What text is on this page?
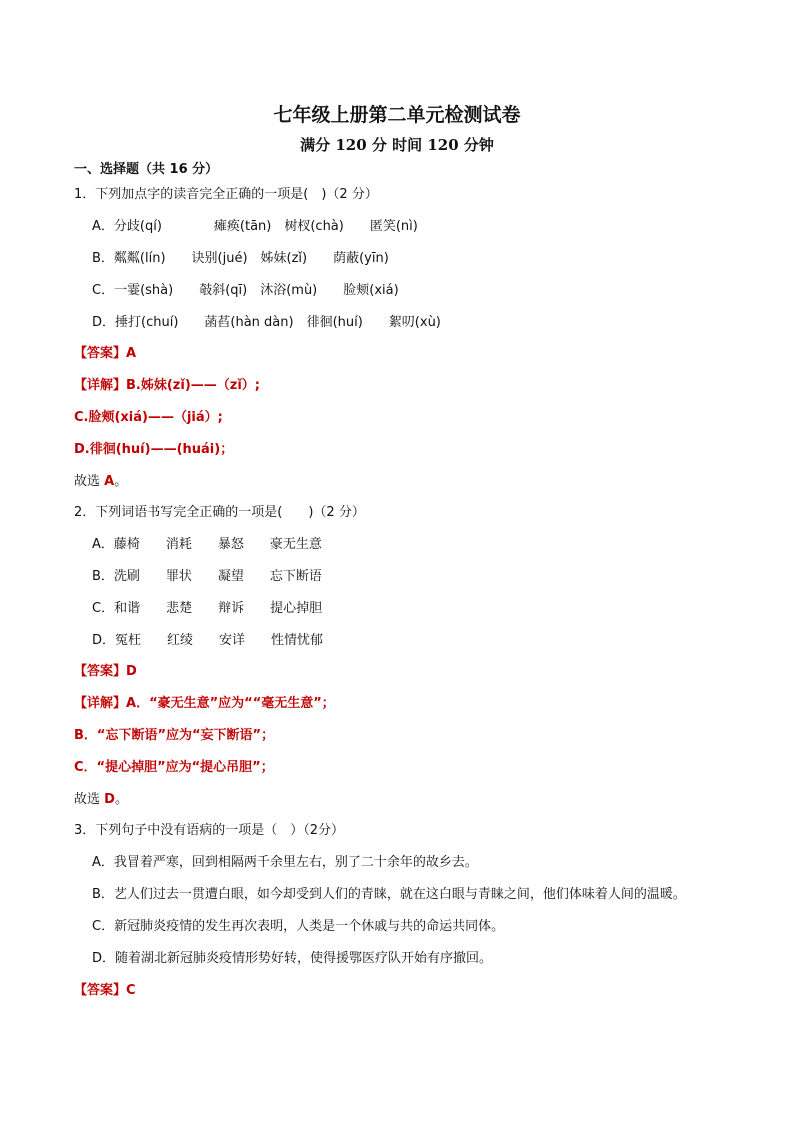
七年级上册第二单元检测试卷
满分 120 分 时间 120 分钟
一、选择题（共 16 分）
1．下列加点字的读音完全正确的一项是(　)（2 分）
A．分歧(qí)　　　　瘫痪(tān)　树杈(chà)　　匿笑(nì)
B．粼粼(lín)　　诀别(jué)　姊妹(zǐ)　　荫蔽(yīn)
C．一霎(shà)　　攲斜(qī)　沐浴(mù)　　脸颊(xiá)
D．捶打(chuí)　　菡萏(hàn dàn)　徘徊(huí)　　絮叨(xù)
【答案】A
【详解】B.姊妹(zǐ)——（zǐ）;
C.脸颊(xiá)——（jiá）;
D.徘徊(huí)——(huái)；
故选 A。
2．下列词语书写完全正确的一项是(　　)（2 分）
A．藤椅　　消耗　　暴怒　　豪无生意
B．洗刷　　罪状　　凝望　　忘下断语
C．和谐　　悲楚　　辩诉　　提心掉胆
D．冤枉　　红绫　　安详　　性情忧郁
【答案】D
【详解】A．“豪无生意”应为““毫无生意”；
B．“忘下断语”应为“妄下断语”；
C．“提心掉胆”应为“提心吊胆”；
故选 D。
3．下列句子中没有语病的一项是（　）（2分）
A．我冒着严寒，回到相隔两千余里左右，别了二十余年的故乡去。
B．艺人们过去一贯遭白眼，如今却受到人们的青睐，就在这白眼与青睐之间，他们体味着人间的温暖。
C．新冠肺炎疫情的发生再次表明，人类是一个休戚与共的命运共同体。
D．随着湖北新冠肺炎疫情形势好转，使得援鄂医疗队开始有序撤回。
【答案】C
